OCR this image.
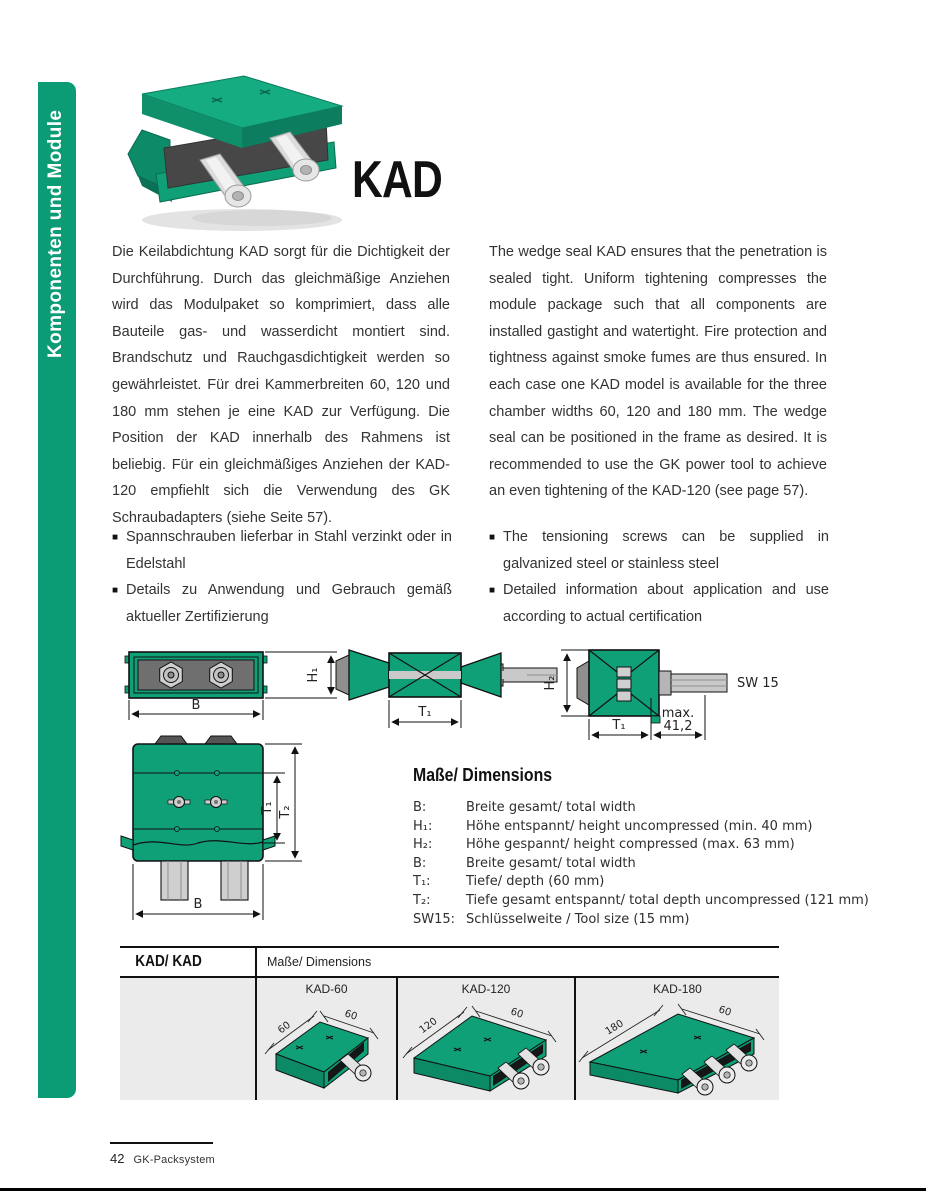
Komponenten und Module	KAD
Die Keilabdichtung KAD sorgt für die Dichtigkeit der Durchführung. Durch das gleichmäßige Anziehen wird das Modulpaket so komprimiert, dass alle Bauteile gas- und wasserdicht montiert sind. Brandschutz und Rauchgasdichtigkeit werden so gewährleistet. Für drei Kammerbreiten 60, 120 und 180 mm stehen je eine KAD zur Verfügung. Die Position der KAD innerhalb des Rahmens ist beliebig. Für ein gleichmäßiges Anziehen der KAD-120 empfiehlt sich die Verwendung des GK Schraubadapters (siehe Seite 57).
The wedge seal KAD ensures that the penetration is sealed tight. Uniform tightening compresses the module package such that all components are installed gastight and watertight. Fire protection and tightness against smoke fumes are thus ensured. In each case one KAD model is available for the three chamber widths 60, 120 and 180 mm. The wedge seal can be positioned in the frame as desired. It is recommended to use the GK power tool to achieve an even tightening of the KAD-120 (see page 57).
■ Spannschrauben lieferbar in Stahl verzinkt oder in Edelstahl
■ Details zu Anwendung und Gebrauch gemäß aktueller Zertifizierung
■ The tensioning screws can be supplied in galvanized steel or stainless steel
■ Detailed information about application and use according to actual certification
B
H₁
T₁
H₂	SW 15
T₁
max.
41,2
T₁ T₂
B
Maße/ Dimensions
B:	Breite gesamt/ total width
H₁:	Höhe entspannt/ height uncompressed (min. 40 mm)
H₂:	Höhe gespannt/ height compressed (max. 63 mm)
B:	Breite gesamt/ total width
T₁:	Tiefe/ depth (60 mm)
T₂:	Tiefe gesamt entspannt/ total depth uncompressed (121 mm)
SW15: Schlüsselweite / Tool size (15 mm)
KAD/ KAD	Maße/ Dimensions
KAD-60
60
60
KAD-120
120
60
KAD-180
180
60
42 GK-Packsystem
